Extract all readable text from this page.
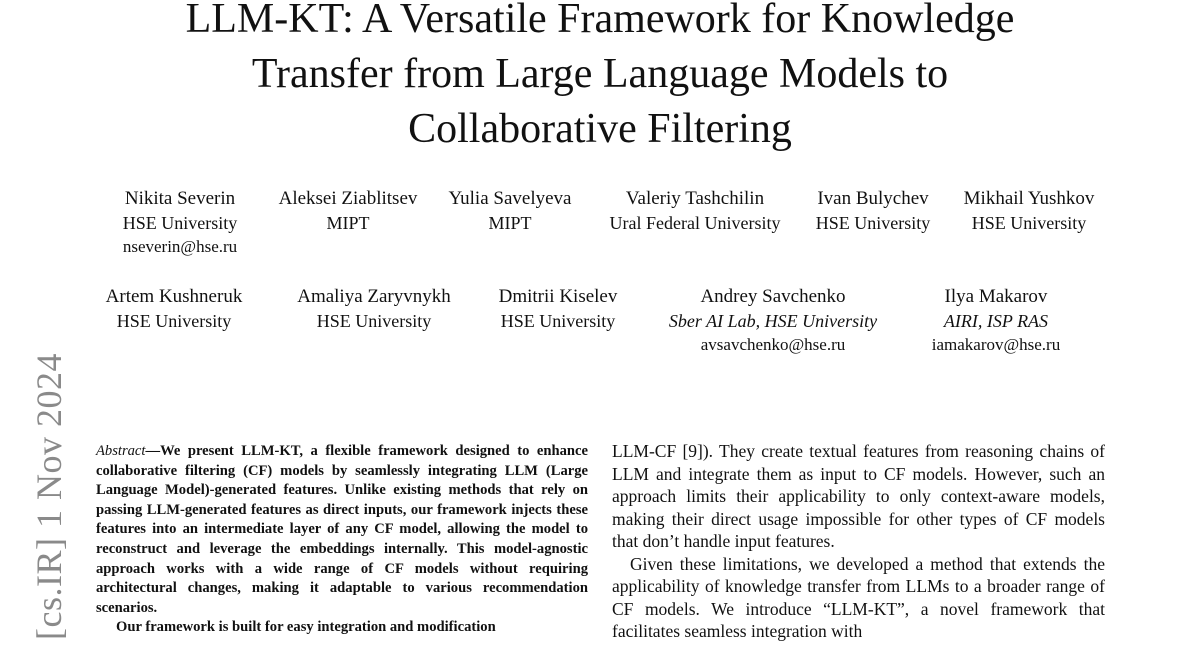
[cs.IR] 1 Nov 2024
LLM-KT: A Versatile Framework for Knowledge
Transfer from Large Language Models to
Collaborative Filtering
Nikita Severin
HSE University
nseverin@hse.ru
Aleksei Ziablitsev
MIPT
Yulia Savelyeva
MIPT
Valeriy Tashchilin
Ural Federal University
Ivan Bulychev
HSE University
Mikhail Yushkov
HSE University
Artem Kushneruk
HSE University
Amaliya Zaryvnykh
HSE University
Dmitrii Kiselev
HSE University
Andrey Savchenko
Sber AI Lab, HSE University
avsavchenko@hse.ru
Ilya Makarov
AIRI, ISP RAS
iamakarov@hse.ru

Abstract—We present LLM-KT, a flexible framework designed to enhance collaborative filtering (CF) models by seamlessly integrating LLM (Large Language Model)-generated features. Unlike existing methods that rely on passing LLM-generated features as direct inputs, our framework injects these features into an intermediate layer of any CF model, allowing the model to reconstruct and leverage the embeddings internally. This model-agnostic approach works with a wide range of CF models without requiring architectural changes, making it adaptable to various recommendation scenarios.

Our framework is built for easy integration and modification

LLM-CF [9]). They create textual features from reasoning chains of LLM and integrate them as input to CF models. However, such an approach limits their applicability to only context-aware models, making their direct usage impossible for other types of CF models that don’t handle input features.

Given these limitations, we developed a method that extends the applicability of knowledge transfer from LLMs to a broader range of CF models. We introduce “LLM-KT”, a novel framework that facilitates seamless integration with
